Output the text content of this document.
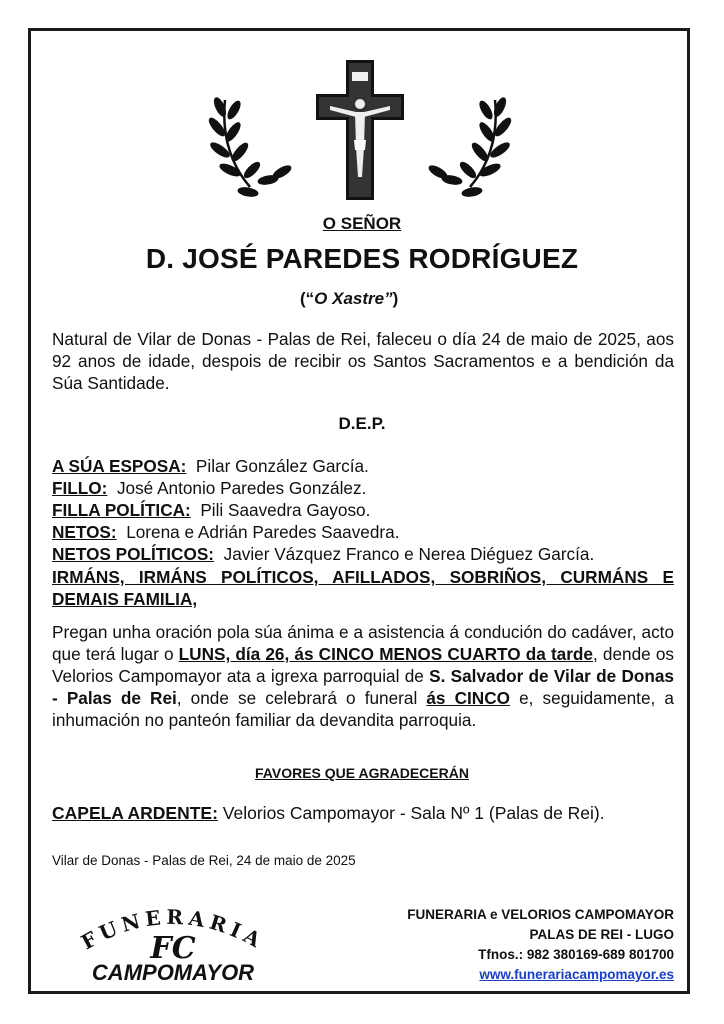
O SEÑOR
D. JOSÉ PAREDES RODRÍGUEZ
(“O Xastre”)
Natural de Vilar de Donas - Palas de Rei, faleceu o día 24 de maio de 2025, aos 92 anos de idade, despois de recibir os Santos Sacramentos e a bendición da Súa Santidade.
D.E.P.
A SÚA ESPOSA: Pilar González García.
FILLO: José Antonio Paredes González.
FILLA POLÍTICA: Pili Saavedra Gayoso.
NETOS: Lorena e Adrián Paredes Saavedra.
NETOS POLÍTICOS: Javier Vázquez Franco e Nerea Diéguez García.
IRMÁNS, IRMÁNS POLÍTICOS, AFILLADOS, SOBRIÑOS, CURMÁNS E DEMAIS FAMILIA,
Pregan unha oración pola súa ánima e a asistencia á condución do cadáver, acto que terá lugar o LUNS, día 26, ás CINCO MENOS CUARTO da tarde, dende os Velorios Campomayor ata a igrexa parroquial de S. Salvador de Vilar de Donas - Palas de Rei, onde se celebrará o funeral ás CINCO e, seguidamente, a inhumación no panteón familiar da devandita parroquia.
FAVORES QUE AGRADECERÁN
CAPELA ARDENTE: Velorios Campomayor - Sala Nº 1 (Palas de Rei).
Vilar de Donas - Palas de Rei, 24 de maio de 2025
FUNERARIA
FC
CAMPOMAYOR
FUNERARIA e VELORIOS CAMPOMAYOR
PALAS DE REI - LUGO
Tfnos.: 982 380169-689 801700
www.funerariacampomayor.es
